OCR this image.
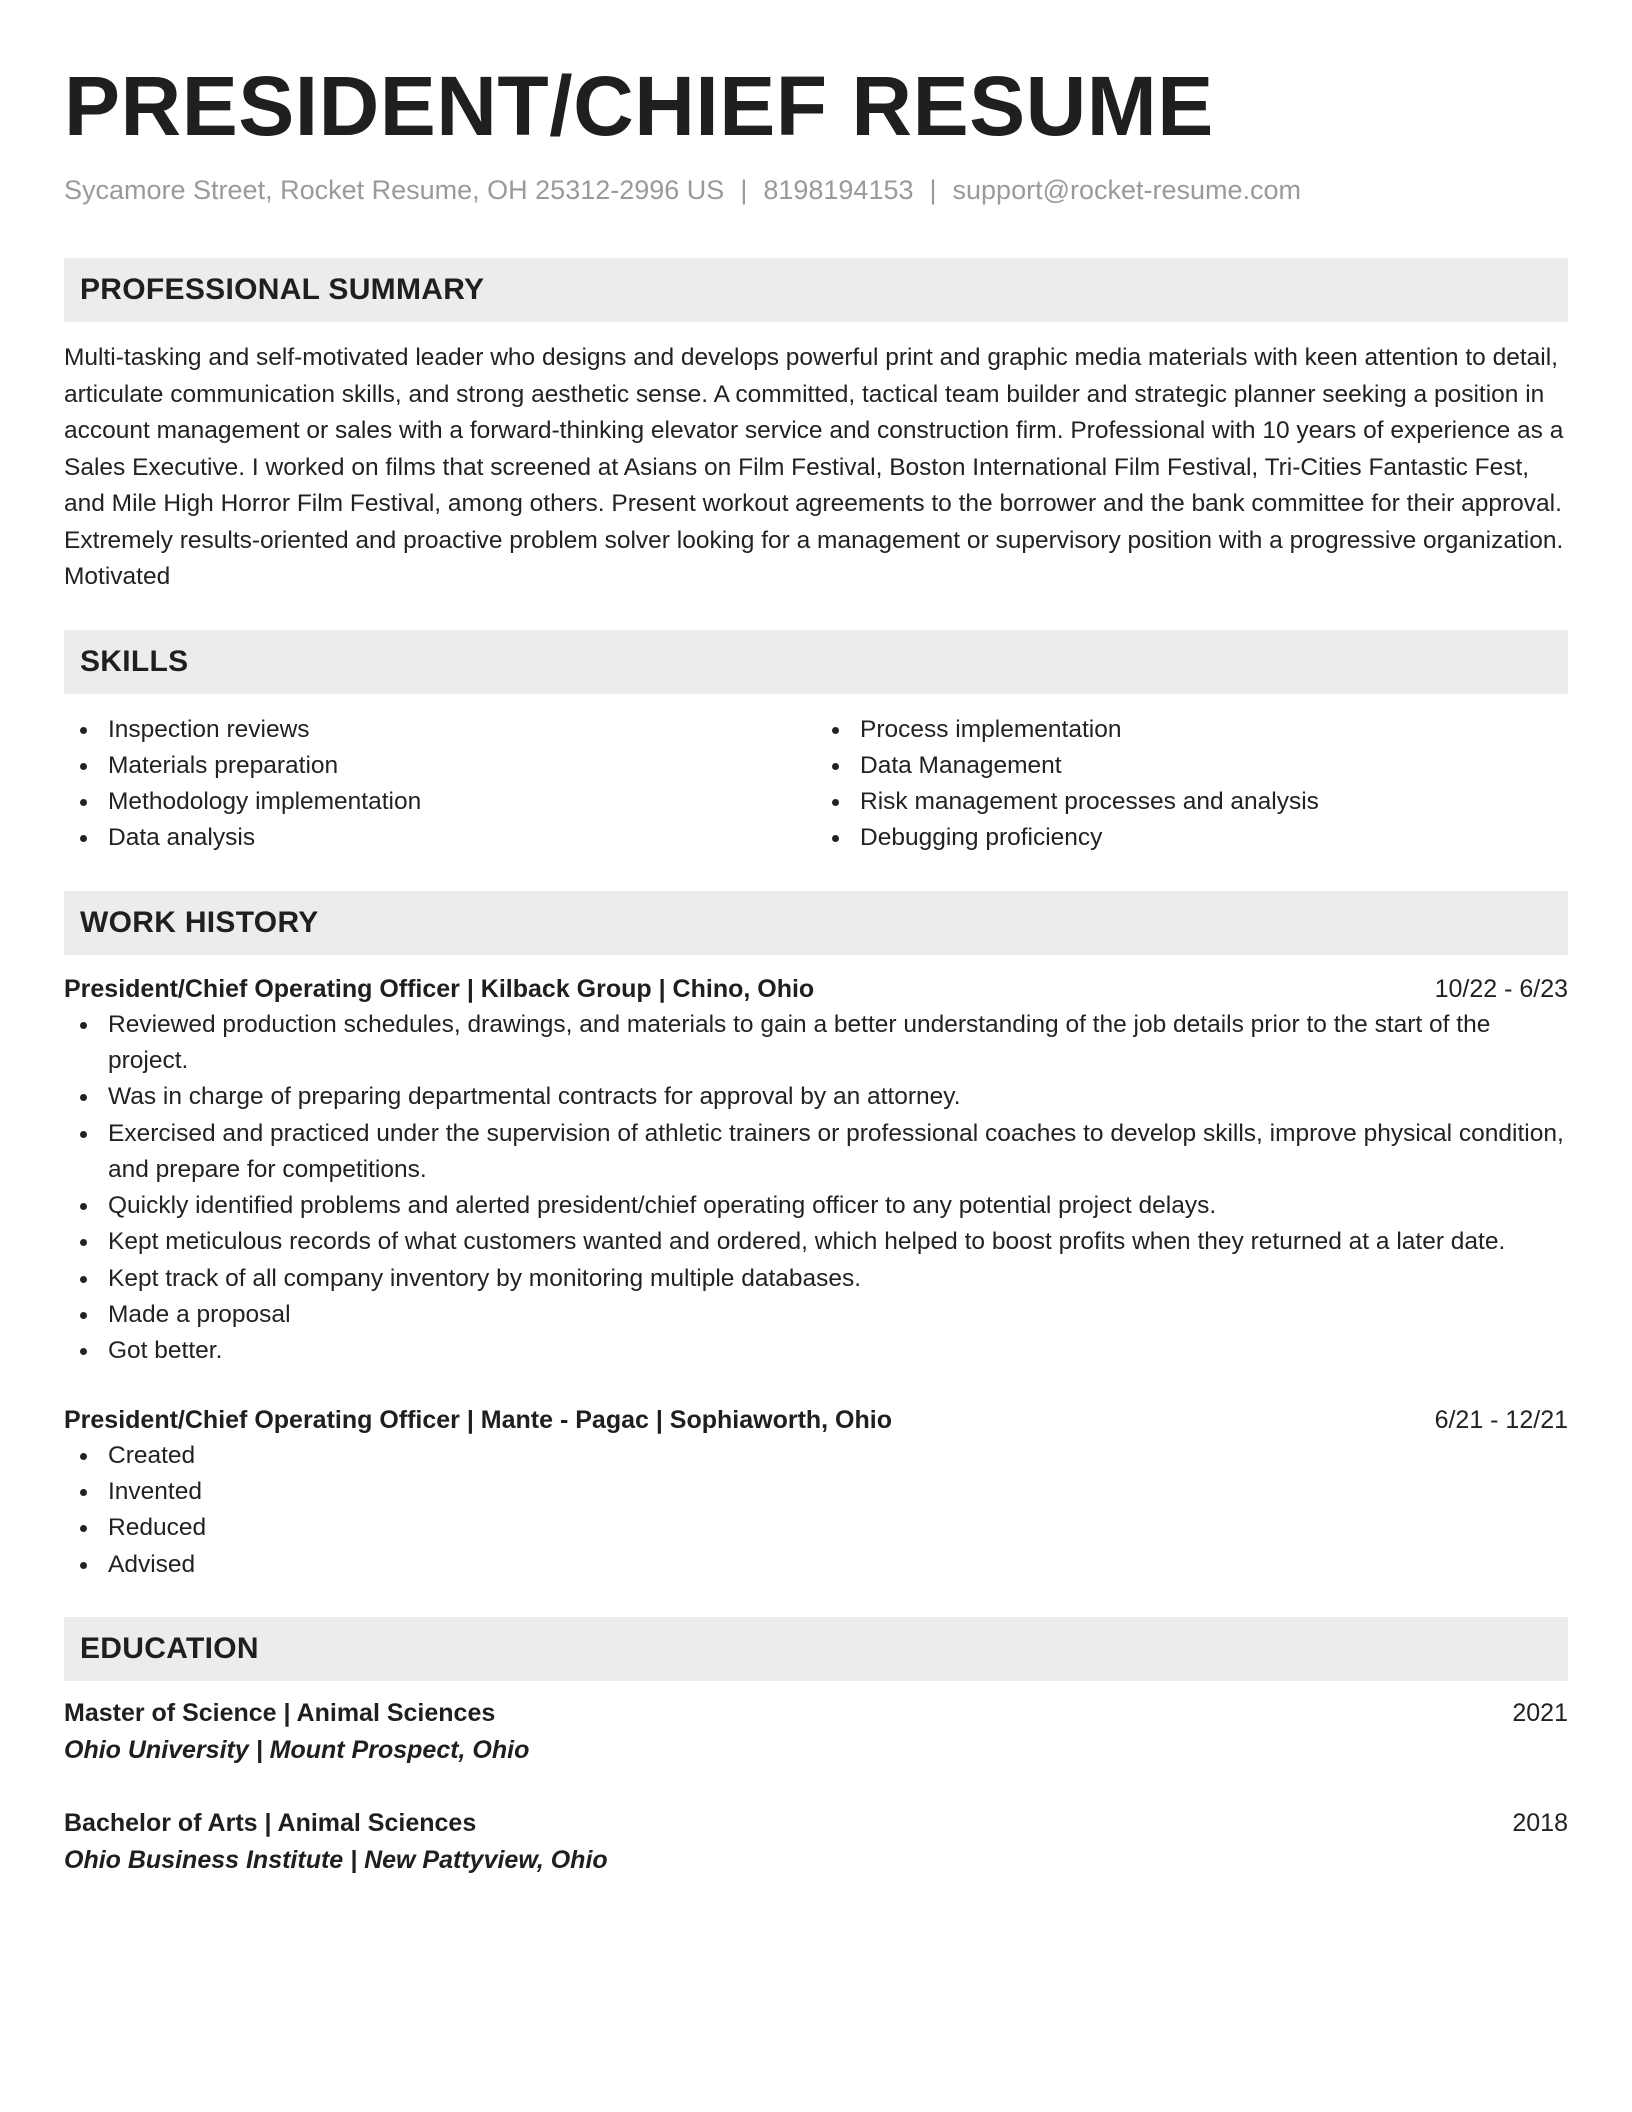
PRESIDENT/CHIEF RESUME
Sycamore Street, Rocket Resume, OH 25312-2996 US | 8198194153 | support@rocket-resume.com
PROFESSIONAL SUMMARY

Multi-tasking and self-motivated leader who designs and develops powerful print and graphic media materials with keen attention to detail, articulate communication skills, and strong aesthetic sense. A committed, tactical team builder and strategic planner seeking a position in account management or sales with a forward-thinking elevator service and construction firm. Professional with 10 years of experience as a Sales Executive. I worked on films that screened at Asians on Film Festival, Boston International Film Festival, Tri-Cities Fantastic Fest, and Mile High Horror Film Festival, among others. Present workout agreements to the borrower and the bank committee for their approval. Extremely results-oriented and proactive problem solver looking for a management or supervisory position with a progressive organization. Motivated

SKILLS
Inspection reviews
Materials preparation
Methodology implementation
Data analysis
Process implementation
Data Management
Risk management processes and analysis
Debugging proficiency
WORK HISTORY
President/Chief Operating Officer | Kilback Group | Chino, Ohio	10/22 - 6/23
Reviewed production schedules, drawings, and materials to gain a better understanding of the job details prior to the start of the project.
Was in charge of preparing departmental contracts for approval by an attorney.
Exercised and practiced under the supervision of athletic trainers or professional coaches to develop skills, improve physical condition, and prepare for competitions.
Quickly identified problems and alerted president/chief operating officer to any potential project delays.
Kept meticulous records of what customers wanted and ordered, which helped to boost profits when they returned at a later date.
Kept track of all company inventory by monitoring multiple databases.
Made a proposal
Got better.
President/Chief Operating Officer | Mante - Pagac | Sophiaworth, Ohio	6/21 - 12/21
Created
Invented
Reduced
Advised
EDUCATION
Master of Science | Animal Sciences	2021
Ohio University | Mount Prospect, Ohio
Bachelor of Arts | Animal Sciences	2018
Ohio Business Institute | New Pattyview, Ohio
